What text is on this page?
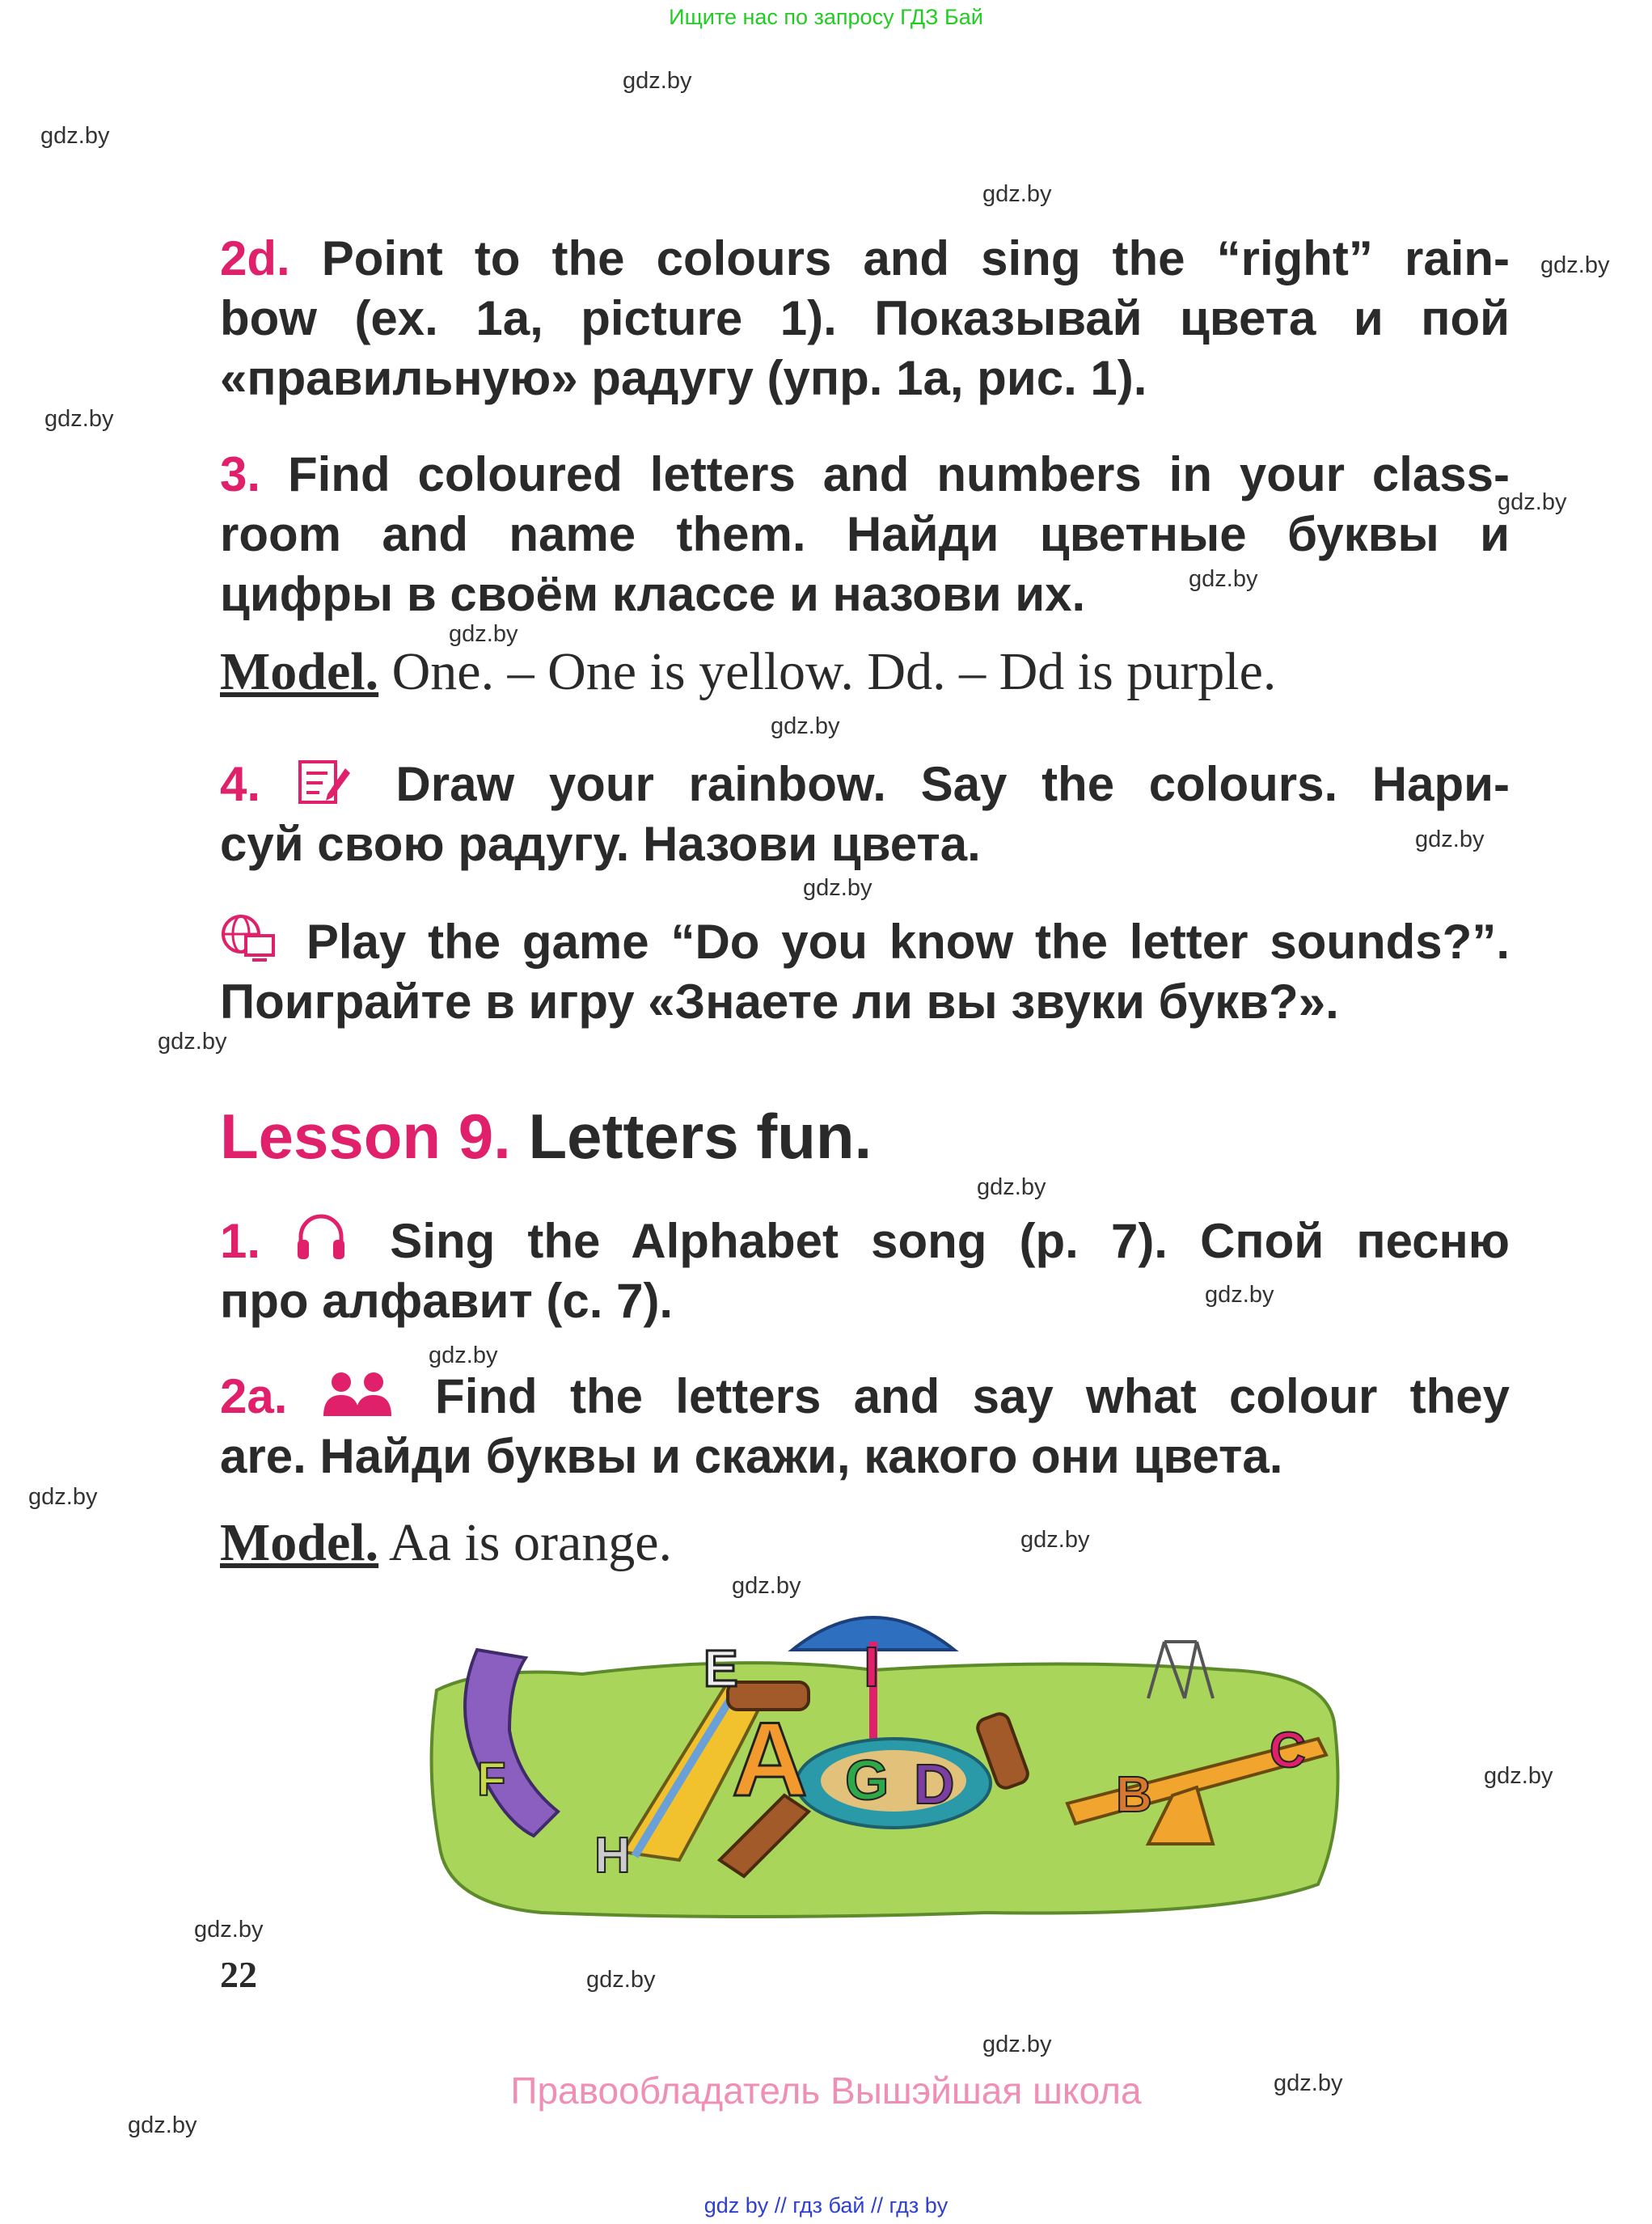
Ищите нас по запросу ГДЗ Бай
gdz.by
gdz.by
gdz.by
gdz.by
gdz.by
gdz.by
gdz.by
gdz.by
gdz.by
gdz.by
gdz.by
gdz.by
gdz.by
gdz.by
gdz.by
gdz.by
gdz.by
gdz.by
gdz.by
gdz.by
gdz.by
gdz.by
gdz.by
gdz.by
2d. Point to the colours and sing the “right” rain-
bow (ex. 1a, picture 1). Показывай цвета и пой
«правильную» радугу (упр. 1а, рис. 1).
3. Find coloured letters and numbers in your class-
room and name them. Найди цветные буквы и
цифры в своём классе и назови их.
Model. One. – One is yellow. Dd. – Dd is purple.
4.	Draw your rainbow. Say the colours. Нари-
суй свою радугу. Назови цвета.
Play the game “Do you know the letter sounds?”.
Поиграйте в игру «Знаете ли вы звуки букв?».
Lesson 9. Letters fun.
1.	Sing the Alphabet song (p. 7). Спой песню
про алфавит (с. 7).
2a.	Find the letters and say what colour they
are. Найди буквы и скажи, какого они цвета.
Model. Aa is orange.
I
E
A D
G
F
H
B
C
22
Правообладатель Вышэйшая школа
gdz by // гдз бай // гдз by
